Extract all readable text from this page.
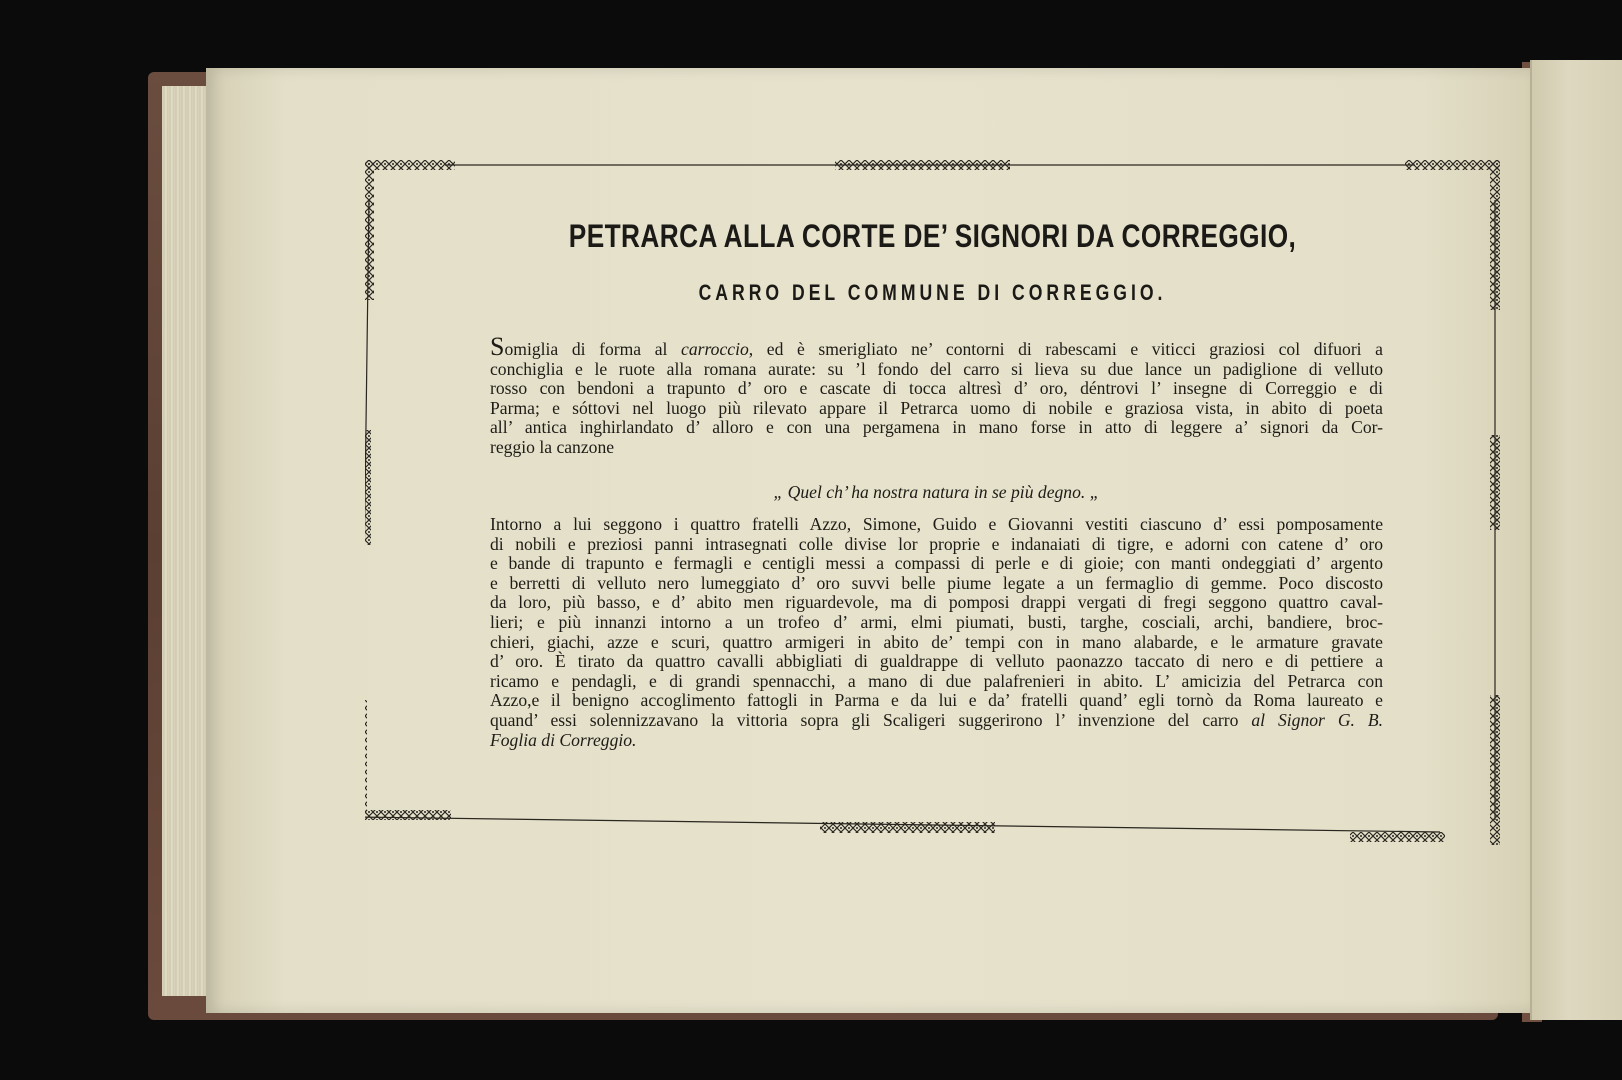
PETRARCA ALLA CORTE DE’ SIGNORI DA CORREGGIO,
CARRO DEL COMMUNE DI CORREGGIO.
Somiglia di forma al carroccio, ed è smerigliato ne’ contorni di rabescami e viticci graziosi col difuori a
conchiglia e le ruote alla romana aurate: su ’l fondo del carro si lieva su due lance un padiglione di velluto
rosso con bendoni a trapunto d’ oro e cascate di tocca altresì d’ oro, déntrovi l’ insegne di Correggio e di
Parma; e sóttovi nel luogo più rilevato appare il Petrarca uomo di nobile e graziosa vista, in abito di poeta
all’ antica inghirlandato d’ alloro e con una pergamena in mano forse in atto di leggere a’ signori da Cor-
reggio la canzone
„ Quel ch’ ha nostra natura in se più degno. „
Intorno a lui seggono i quattro fratelli Azzo, Simone, Guido e Giovanni vestiti ciascuno d’ essi pomposamente
di nobili e preziosi panni intrasegnati colle divise lor proprie e indanaiati di tigre, e adorni con catene d’ oro
e bande di trapunto e fermagli e centigli messi a compassi di perle e di gioie; con manti ondeggiati d’ argento
e berretti di velluto nero lumeggiato d’ oro suvvi belle piume legate a un fermaglio di gemme. Poco discosto
da loro, più basso, e d’ abito men riguardevole, ma di pomposi drappi vergati di fregi seggono quattro caval-
lieri; e più innanzi intorno a un trofeo d’ armi, elmi piumati, busti, targhe, cosciali, archi, bandiere, broc-
chieri, giachi, azze e scuri, quattro armigeri in abito de’ tempi con in mano alabarde, e le armature gravate
d’ oro. È tirato da quattro cavalli abbigliati di gualdrappe di velluto paonazzo taccato di nero e di pettiere a
ricamo e pendagli, e di grandi spennacchi, a mano di due palafrenieri in abito. L’ amicizia del Petrarca con
Azzo,e il benigno accoglimento fattogli in Parma e da lui e da’ fratelli quand’ egli tornò da Roma laureato e
quand’ essi solennizzavano la vittoria sopra gli Scaligeri suggerirono l’ invenzione del carro al Signor G. B.
Foglia di Correggio.
